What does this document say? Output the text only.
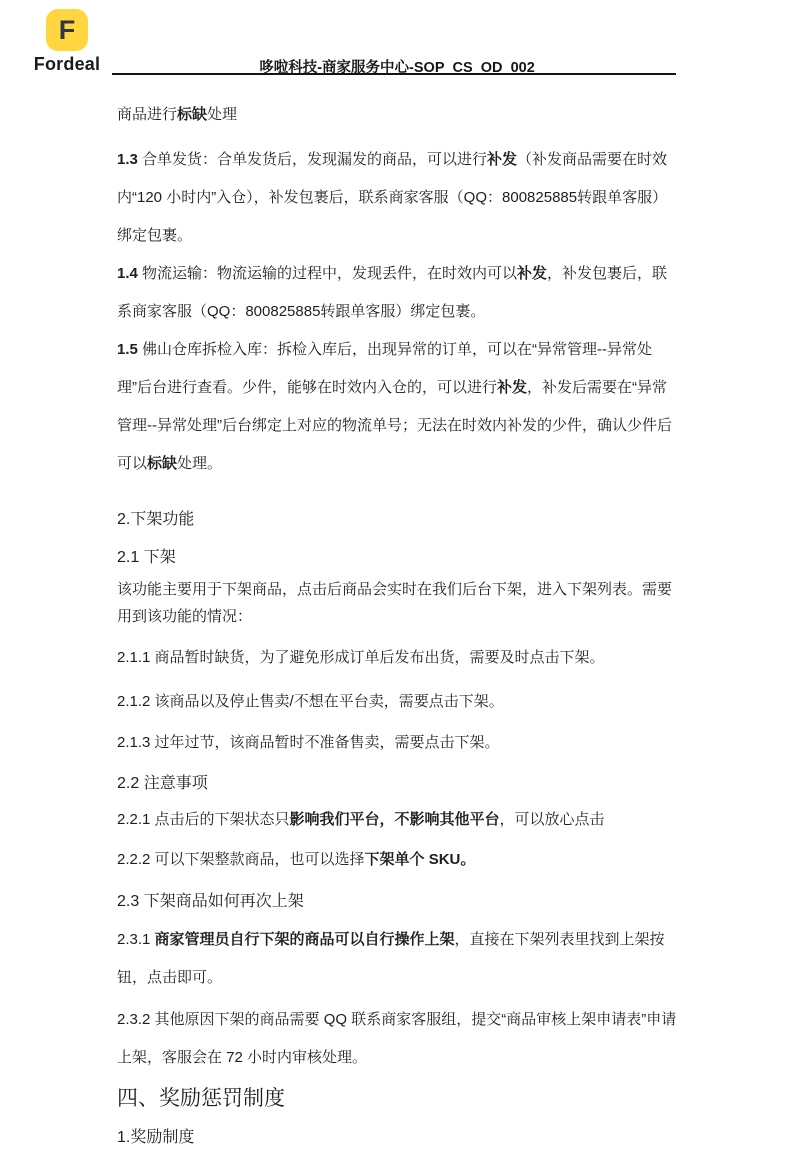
F
Fordeal	哆啦科技-商家服务中心-SOP_CS_OD_002

商品进行标缺处理

1.3 合单发货：合单发货后，发现漏发的商品，可以进行补发（补发商品需要在时效内“120 小时内”入仓），补发包裹后，联系商家客服（QQ：800825885转跟单客服）绑定包裹。

1.4 物流运输：物流运输的过程中，发现丢件，在时效内可以补发，补发包裹后，联系商家客服（QQ：800825885转跟单客服）绑定包裹。

1.5 佛山仓库拆检入库：拆检入库后，出现异常的订单，可以在“异常管理--异常处理”后台进行查看。少件，能够在时效内入仓的，可以进行补发，补发后需要在“异常管理--异常处理”后台绑定上对应的物流单号；无法在时效内补发的少件，确认少件后可以标缺处理。

2.下架功能
2.1 下架

该功能主要用于下架商品，点击后商品会实时在我们后台下架，进入下架列表。需要用到该功能的情况：

2.1.1 商品暂时缺货，为了避免形成订单后发布出货，需要及时点击下架。

2.1.2 该商品以及停止售卖/不想在平台卖，需要点击下架。

2.1.3 过年过节，该商品暂时不准备售卖，需要点击下架。

2.2 注意事项

2.2.1 点击后的下架状态只影响我们平台，不影响其他平台，可以放心点击

2.2.2 可以下架整款商品，也可以选择下架单个 SKU。

2.3 下架商品如何再次上架

2.3.1 商家管理员自行下架的商品可以自行操作上架，直接在下架列表里找到上架按钮，点击即可。

2.3.2 其他原因下架的商品需要 QQ 联系商家客服组，提交“商品审核上架申请表”申请上架，客服会在 72 小时内审核处理。

四、奖励惩罚制度
1.奖励制度
